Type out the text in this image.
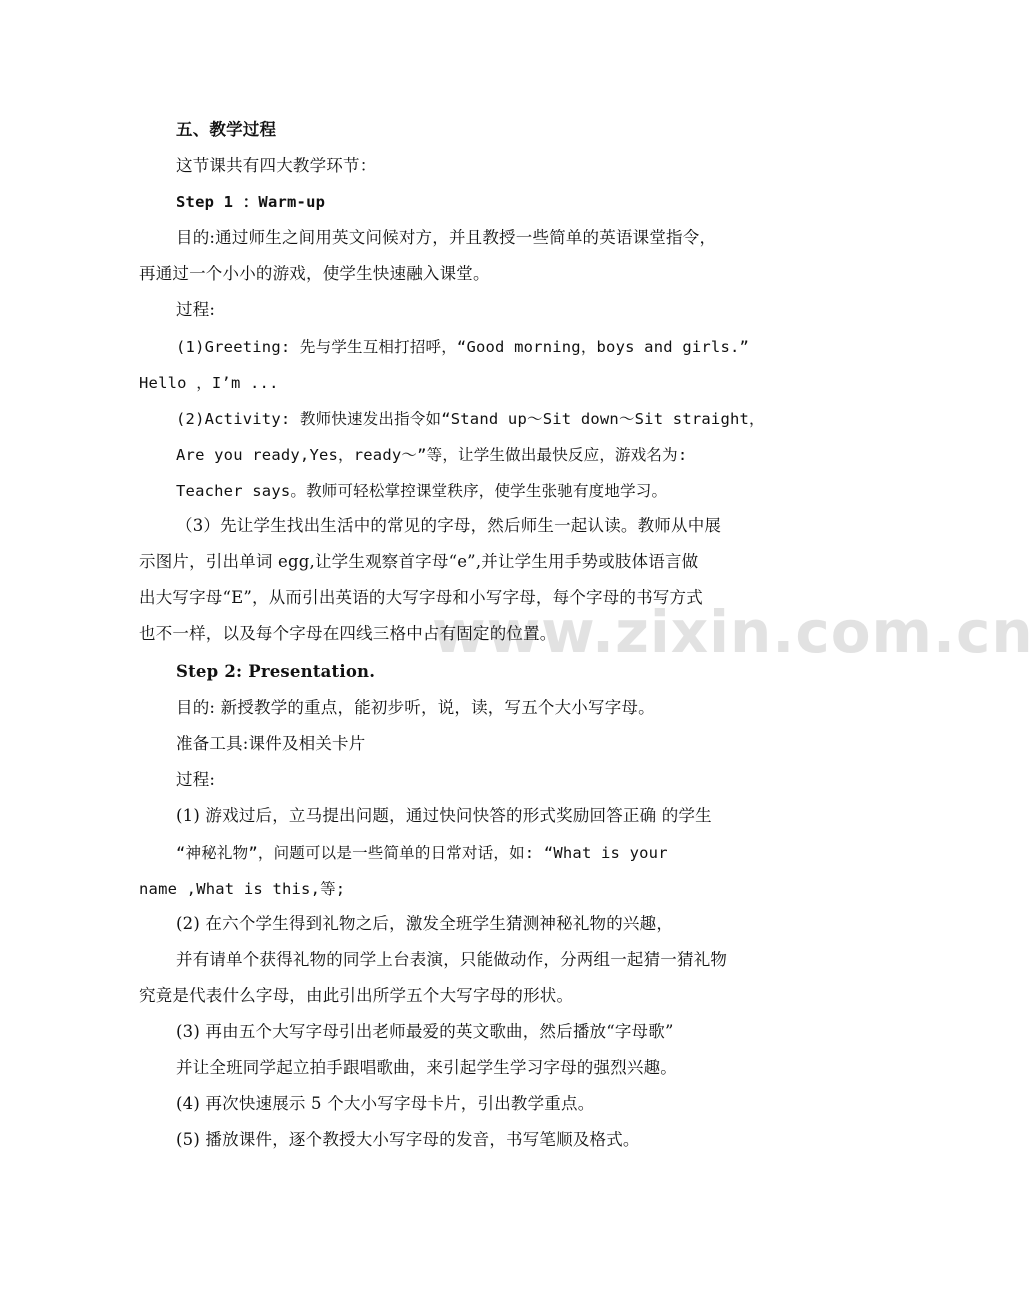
www.zixin.com.cn
五、教学过程
这节课共有四大教学环节：
Step 1 ：Warm-up
目的:通过师生之间用英文问候对方，并且教授一些简单的英语课堂指令，
再通过一个小小的游戏，使学生快速融入课堂。
过程:
(1)Greeting: 先与学生互相打招呼，“Good morning，boys and girls.”
Hello ，I’m ...
(2)Activity: 教师快速发出指令如“Stand up～Sit down～Sit straight，
Are you ready,Yes，ready～”等，让学生做出最快反应，游戏名为:
Teacher says。教师可轻松掌控课堂秩序，使学生张驰有度地学习。
（3）先让学生找出生活中的常见的字母，然后师生一起认读。教师从中展
示图片，引出单词 egg,让学生观察首字母“e”,并让学生用手势或肢体语言做
出大写字母“E”，从而引出英语的大写字母和小写字母，每个字母的书写方式
也不一样，以及每个字母在四线三格中占有固定的位置。
Step 2: Presentation.
目的: 新授教学的重点，能初步听，说，读，写五个大小写字母。
准备工具:课件及相关卡片
过程:
(1) 游戏过后，立马提出问题，通过快问快答的形式奖励回答正确 的学生
“神秘礼物”，问题可以是一些简单的日常对话，如: “What is your
name ,What is this,等;
(2) 在六个学生得到礼物之后，激发全班学生猜测神秘礼物的兴趣，
并有请单个获得礼物的同学上台表演，只能做动作，分两组一起猜一猜礼物
究竟是代表什么字母，由此引出所学五个大写字母的形状。
(3) 再由五个大写字母引出老师最爱的英文歌曲，然后播放“字母歌”
并让全班同学起立拍手跟唱歌曲，来引起学生学习字母的强烈兴趣。
(4) 再次快速展示 5 个大小写字母卡片，引出教学重点。
(5) 播放课件，逐个教授大小写字母的发音，书写笔顺及格式。
